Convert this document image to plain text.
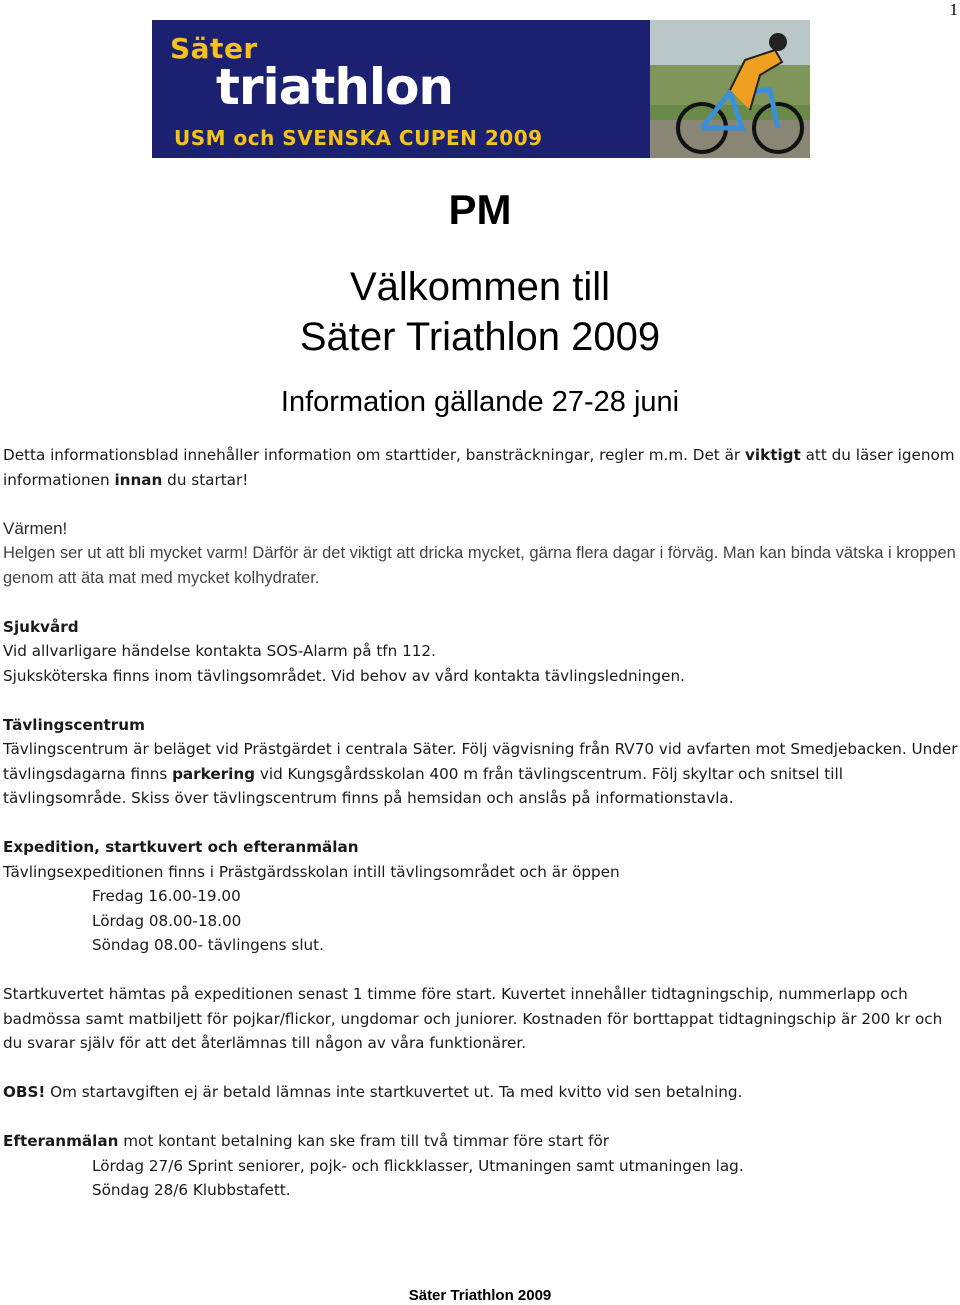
1
Säter
triathlon
USM och SVENSKA CUPEN 2009
PM
Välkommen till
Säter Triathlon 2009
Information gällande 27-28 juni

Detta informationsblad innehåller information om starttider, bansträckningar, regler m.m. Det är viktigt att du läser igenom informationen innan du startar!

Värmen!

Helgen ser ut att bli mycket varm! Därför är det viktigt att dricka mycket, gärna flera dagar i förväg. Man kan binda vätska i kroppen genom att äta mat med mycket kolhydrater.

Sjukvård

Vid allvarligare händelse kontakta SOS-Alarm på tfn 112.

Sjuksköterska finns inom tävlingsområdet. Vid behov av vård kontakta tävlingsledningen.

Tävlingscentrum

Tävlingscentrum är beläget vid Prästgärdet i centrala Säter. Följ vägvisning från RV70 vid avfarten mot Smedjebacken. Under tävlingsdagarna finns parkering vid Kungsgårdsskolan 400 m från tävlingscentrum. Följ skyltar och snitsel till tävlingsområde. Skiss över tävlingscentrum finns på hemsidan och anslås på informationstavla.

Expedition, startkuvert och efteranmälan

Tävlingsexpeditionen finns i Prästgärdsskolan intill tävlingsområdet och är öppen

Fredag 16.00-19.00

Lördag 08.00-18.00

Söndag 08.00- tävlingens slut.

Startkuvertet hämtas på expeditionen senast 1 timme före start. Kuvertet innehåller tidtagningschip, nummerlapp och badmössa samt matbiljett för pojkar/flickor, ungdomar och juniorer. Kostnaden för borttappat tidtagningschip är 200 kr och du svarar själv för att det återlämnas till någon av våra funktionärer.

OBS! Om startavgiften ej är betald lämnas inte startkuvertet ut. Ta med kvitto vid sen betalning.

Efteranmälan mot kontant betalning kan ske fram till två timmar före start för

Lördag 27/6 Sprint seniorer, pojk- och flickklasser, Utmaningen samt utmaningen lag.

Söndag 28/6 Klubbstafett.

Säter Triathlon 2009
